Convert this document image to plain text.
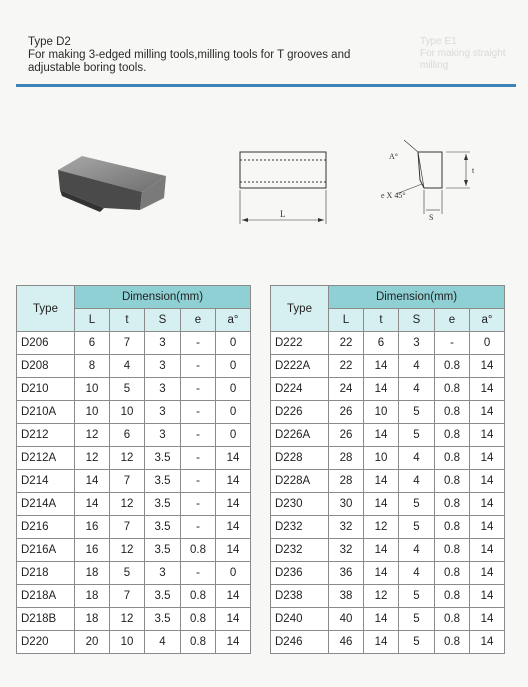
Type E1
For making straight milling
Type D2
For making 3-edged milling tools,milling tools for T grooves and
adjustable boring tools.
L
A°
t
e X 45°
S
Type	Dimension(mm)				
	L	t	S	e	a°
D206	6	7	3	-	0
D208	8	4	3	-	0
D210	10	5	3	-	0
D210A	10	10	3	-	0
D212	12	6	3	-	0
D212A	12	12	3.5	-	14
D214	14	7	3.5	-	14
D214A	14	12	3.5	-	14
D216	16	7	3.5	-	14
D216A	16	12	3.5	0.8	14
D218	18	5	3	-	0
D218A	18	7	3.5	0.8	14
D218B	18	12	3.5	0.8	14
D220	20	10	4	0.8	14
Type	Dimension(mm)				
	L	t	S	e	a°
D222	22	6	3	-	0
D222A	22	14	4	0.8	14
D224	24	14	4	0.8	14
D226	26	10	5	0.8	14
D226A	26	14	5	0.8	14
D228	28	10	4	0.8	14
D228A	28	14	4	0.8	14
D230	30	14	5	0.8	14
D232	32	12	5	0.8	14
D232	32	14	4	0.8	14
D236	36	14	4	0.8	14
D238	38	12	5	0.8	14
D240	40	14	5	0.8	14
D246	46	14	5	0.8	14
